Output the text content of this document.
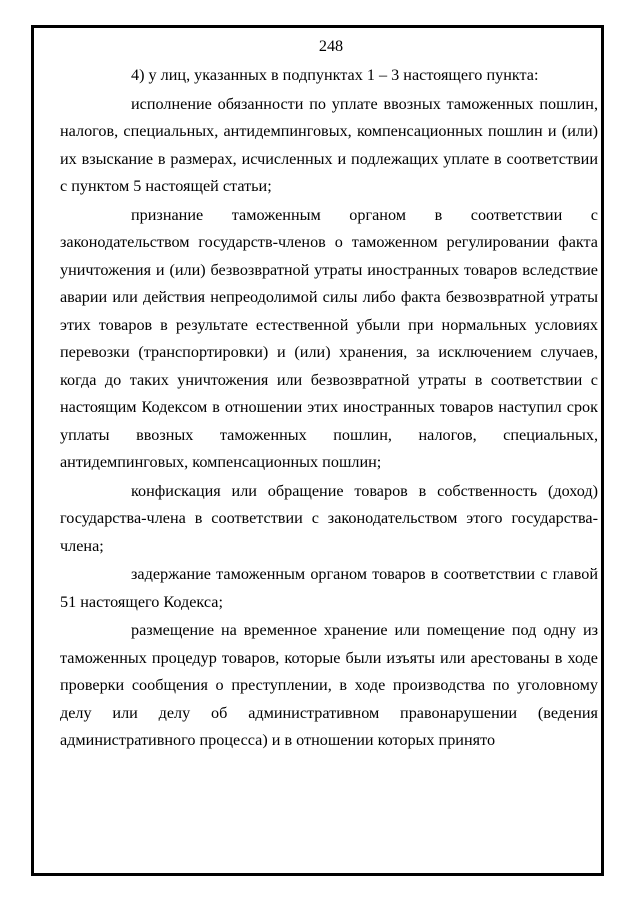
248

4) у лиц, указанных в подпунктах 1 – 3 настоящего пункта:

исполнение обязанности по уплате ввозных таможенных пошлин, налогов, специальных, антидемпинговых, компенсационных пошлин и (или) их взыскание в размерах, исчисленных и подлежащих уплате в соответствии с пунктом 5 настоящей статьи;

признание таможенным органом в соответствии с законодательством государств-членов о таможенном регулировании факта уничтожения и (или) безвозвратной утраты иностранных товаров вследствие аварии или действия непреодолимой силы либо факта безвозвратной утраты этих товаров в результате естественной убыли при нормальных условиях перевозки (транспортировки) и (или) хранения, за исключением случаев, когда до таких уничтожения или безвозвратной утраты в соответствии с настоящим Кодексом в отношении этих иностранных товаров наступил срок уплаты ввозных таможенных пошлин, налогов, специальных, антидемпинговых, компенсационных пошлин;

конфискация или обращение товаров в собственность (доход) государства-члена в соответствии с законодательством этого государства-члена;

задержание таможенным органом товаров в соответствии с главой 51 настоящего Кодекса;

размещение на временное хранение или помещение под одну из таможенных процедур товаров, которые были изъяты или арестованы в ходе проверки сообщения о преступлении, в ходе производства по уголовному делу или делу об административном правонарушении (ведения административного процесса) и в отношении которых принято
